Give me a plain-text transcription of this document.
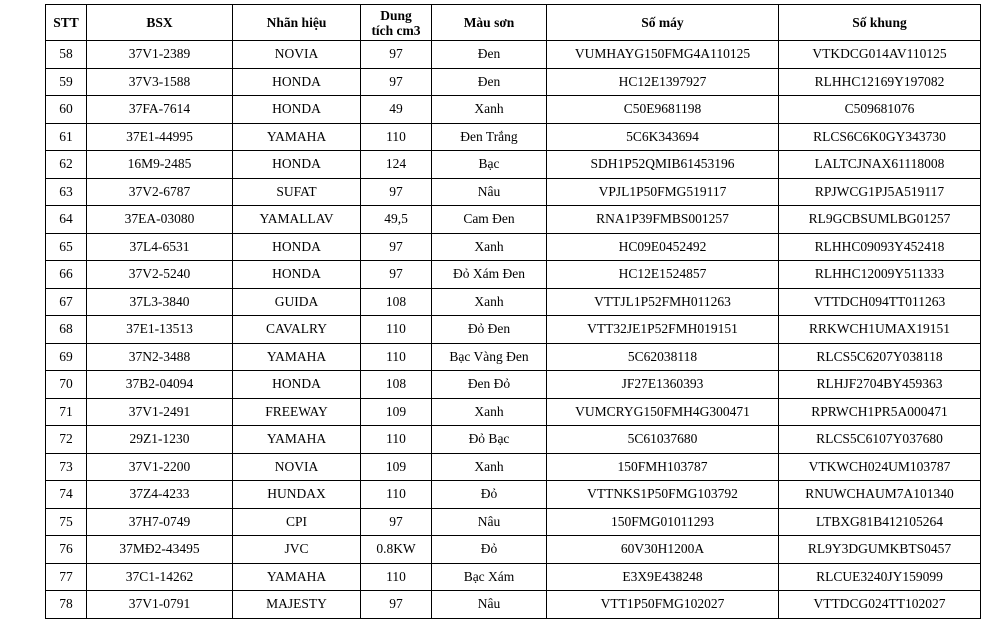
STT	BSX	Nhãn hiệu	Dung
tích cm3	Màu sơn	Số máy	Số khung
58	37V1-2389	NOVIA	97	Đen	VUMHAYG150FMG4A110125	VTKDCG014AV110125
59	37V3-1588	HONDA	97	Đen	HC12E1397927	RLHHC12169Y197082
60	37FA-7614	HONDA	49	Xanh	C50E9681198	C509681076
61	37E1-44995	YAMAHA	110	Đen Trắng	5C6K343694	RLCS6C6K0GY343730
62	16M9-2485	HONDA	124	Bạc	SDH1P52QMIB61453196	LALTCJNAX61118008
63	37V2-6787	SUFAT	97	Nâu	VPJL1P50FMG519117	RPJWCG1PJ5A519117
64	37EA-03080	YAMALLAV	49,5	Cam Đen	RNA1P39FMBS001257	RL9GCBSUMLBG01257
65	37L4-6531	HONDA	97	Xanh	HC09E0452492	RLHHC09093Y452418
66	37V2-5240	HONDA	97	Đỏ Xám Đen	HC12E1524857	RLHHC12009Y511333
67	37L3-3840	GUIDA	108	Xanh	VTTJL1P52FMH011263	VTTDCH094TT011263
68	37E1-13513	CAVALRY	110	Đỏ Đen	VTT32JE1P52FMH019151	RRKWCH1UMAX19151
69	37N2-3488	YAMAHA	110	Bạc Vàng Đen	5C62038118	RLCS5C6207Y038118
70	37B2-04094	HONDA	108	Đen Đỏ	JF27E1360393	RLHJF2704BY459363
71	37V1-2491	FREEWAY	109	Xanh	VUMCRYG150FMH4G300471	RPRWCH1PR5A000471
72	29Z1-1230	YAMAHA	110	Đỏ Bạc	5C61037680	RLCS5C6107Y037680
73	37V1-2200	NOVIA	109	Xanh	150FMH103787	VTKWCH024UM103787
74	37Z4-4233	HUNDAX	110	Đỏ	VTTNKS1P50FMG103792	RNUWCHAUM7A101340
75	37H7-0749	CPI	97	Nâu	150FMG01011293	LTBXG81B412105264
76	37MĐ2-43495	JVC	0.8KW	Đỏ	60V30H1200A	RL9Y3DGUMKBTS0457
77	37C1-14262	YAMAHA	110	Bạc Xám	E3X9E438248	RLCUE3240JY159099
78	37V1-0791	MAJESTY	97	Nâu	VTT1P50FMG102027	VTTDCG024TT102027
